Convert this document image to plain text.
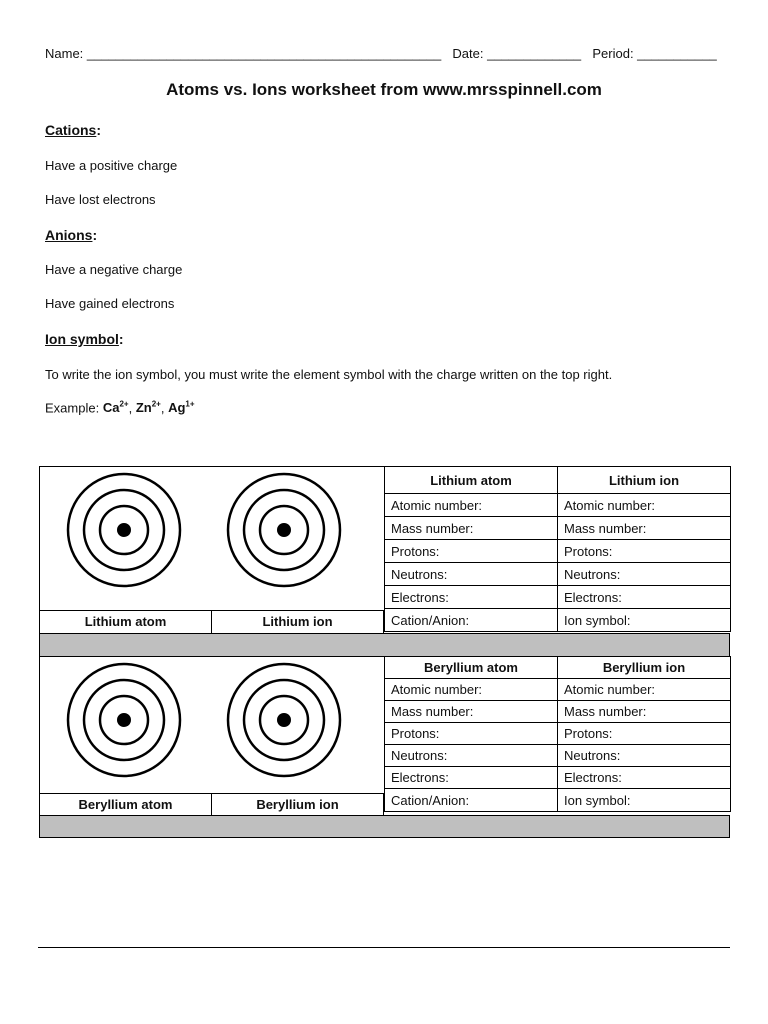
Name: _________________________________________________ Date: _____________ Period: ___________
Atoms vs. Ions worksheet from www.mrsspinnell.com
Cations:
Have a positive charge
Have lost electrons
Anions:
Have a negative charge
Have gained electrons
Ion symbol:
To write the ion symbol, you must write the element symbol with the charge written on the top right.
Example: $Ca^{2+}$, $Zn^{2+}$, $Ag^{1+}$
Lithium atom	Lithium ion
Lithium atom	Lithium ion
Atomic number:	Atomic number:
Mass number:	Mass number:
Protons:	Protons:
Neutrons:	Neutrons:
Electrons:	Electrons:
Cation/Anion:	Ion symbol:
Beryllium atom	Beryllium ion
Beryllium atom	Beryllium ion
Atomic number:	Atomic number:
Mass number:	Mass number:
Protons:	Protons:
Neutrons:	Neutrons:
Electrons:	Electrons:
Cation/Anion:	Ion symbol:
